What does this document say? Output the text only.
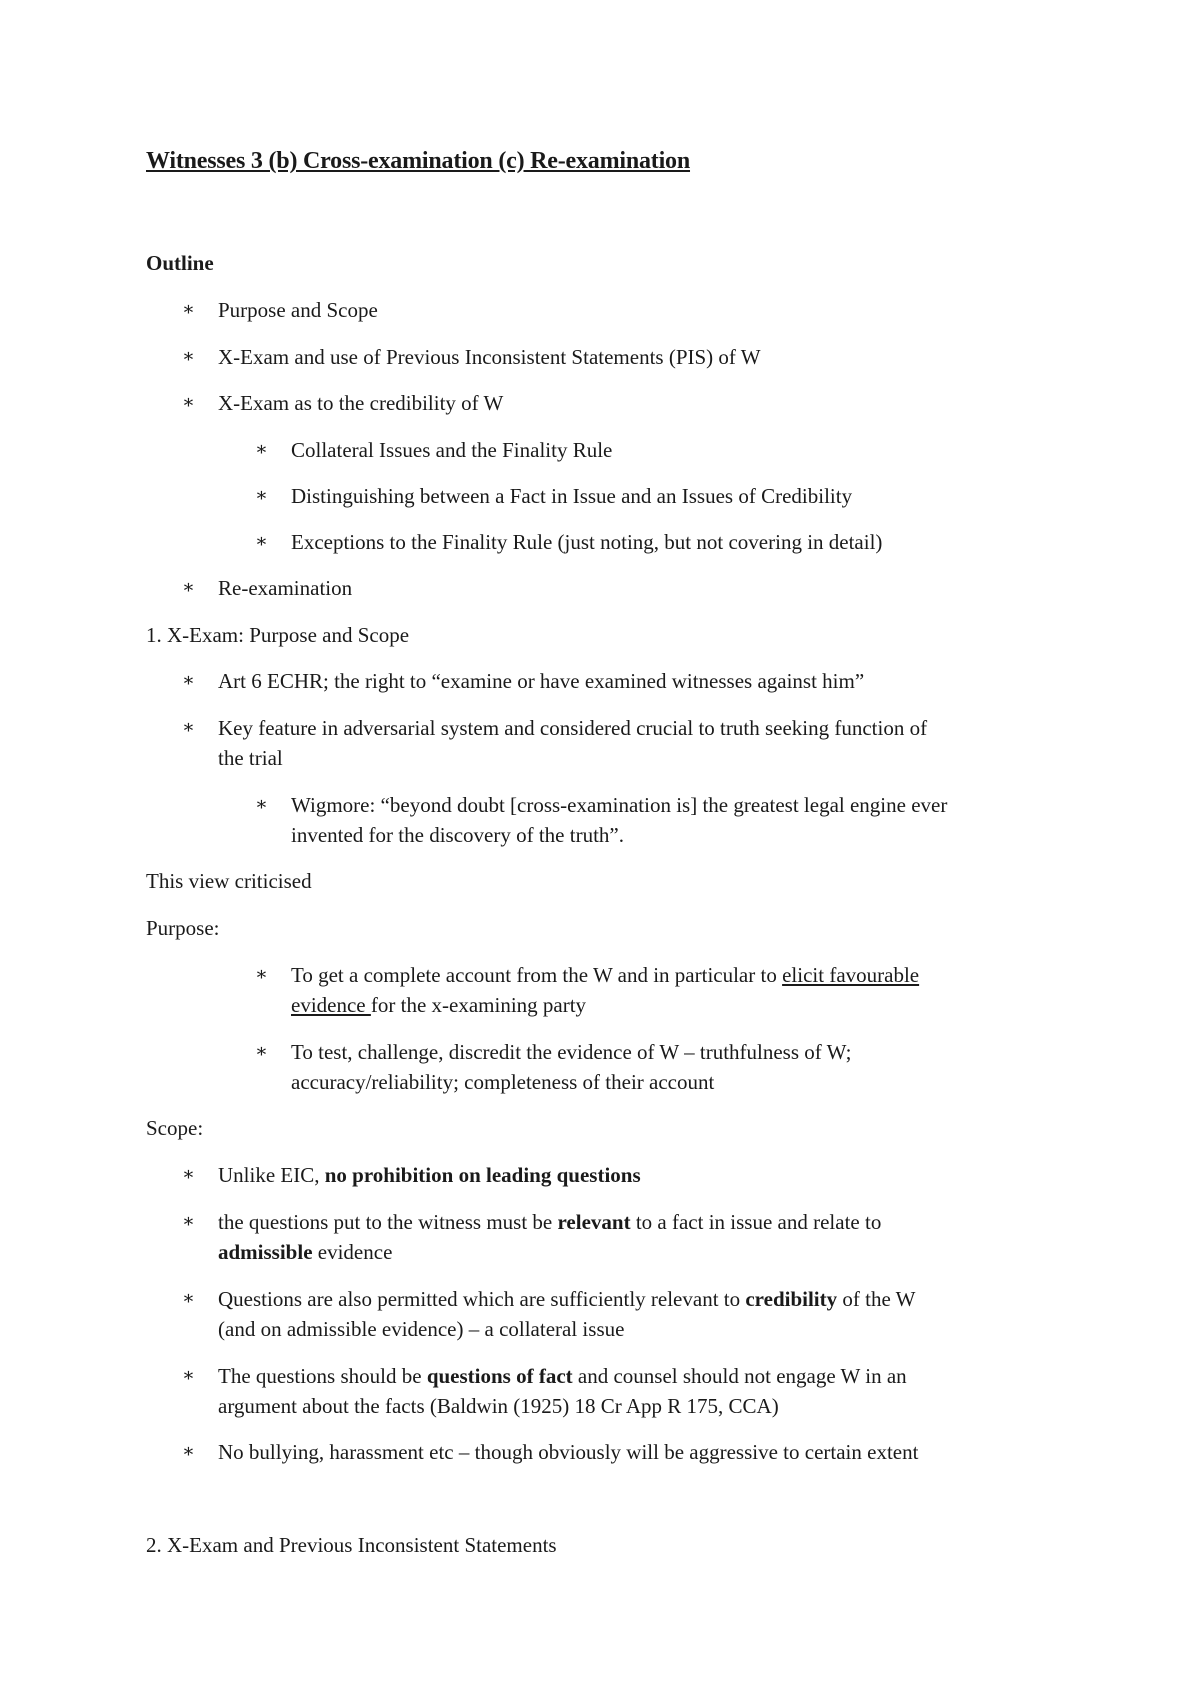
Witnesses 3 (b) Cross-examination (c) Re-examination
Outline
∗ Purpose and Scope
∗ X-Exam and use of Previous Inconsistent Statements (PIS) of W
∗ X-Exam as to the credibility of W
∗ Collateral Issues and the Finality Rule
∗ Distinguishing between a Fact in Issue and an Issues of Credibility
∗ Exceptions to the Finality Rule (just noting, but not covering in detail)
∗ Re-examination
1. X-Exam: Purpose and Scope
∗ Art 6 ECHR; the right to “examine or have examined witnesses against him”
∗ Key feature in adversarial system and considered crucial to truth seeking function of
the trial
∗ Wigmore: “beyond doubt [cross-examination is] the greatest legal engine ever
invented for the discovery of the truth”.
This view criticised
Purpose:
∗ To get a complete account from the W and in particular to elicit favourable
evidence for the x-examining party
∗ To test, challenge, discredit the evidence of W – truthfulness of W;
accuracy/reliability; completeness of their account
Scope:
∗ Unlike EIC, no prohibition on leading questions
∗ the questions put to the witness must be relevant to a fact in issue and relate to
admissible evidence
∗ Questions are also permitted which are sufficiently relevant to credibility of the W
(and on admissible evidence) – a collateral issue
∗ The questions should be questions of fact and counsel should not engage W in an
argument about the facts (Baldwin (1925) 18 Cr App R 175, CCA)
∗ No bullying, harassment etc – though obviously will be aggressive to certain extent
2. X-Exam and Previous Inconsistent Statements
